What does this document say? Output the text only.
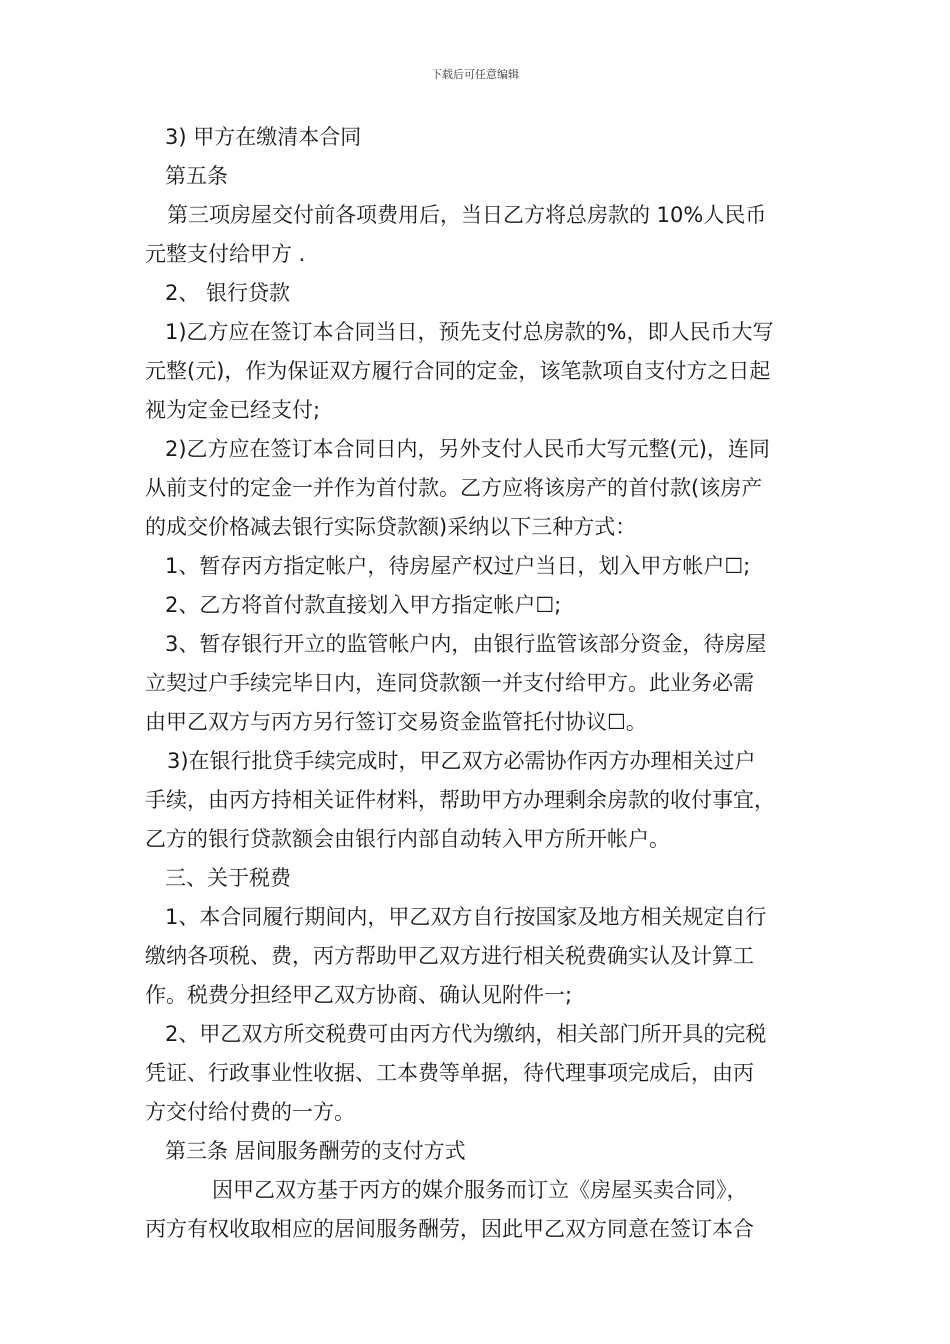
下载后可任意编辑
3) 甲方在缴清本合同
第五条
第三项房屋交付前各项费用后，当日乙方将总房款的 10%人民币
元整支付给甲方 .
2、 银行贷款
1)乙方应在签订本合同当日，预先支付总房款的%，即人民币大写
元整(元)，作为保证双方履行合同的定金，该笔款项自支付方之日起
视为定金已经支付;
2)乙方应在签订本合同日内，另外支付人民币大写元整(元)，连同
从前支付的定金一并作为首付款。乙方应将该房产的首付款(该房产
的成交价格减去银行实际贷款额)采纳以下三种方式：
1、暂存丙方指定帐户，待房屋产权过户当日，划入甲方帐户☐;
2、乙方将首付款直接划入甲方指定帐户☐;
3、暂存银行开立的监管帐户内，由银行监管该部分资金，待房屋
立契过户手续完毕日内，连同贷款额一并支付给甲方。此业务必需
由甲乙双方与丙方另行签订交易资金监管托付协议☐。
3)在银行批贷手续完成时，甲乙双方必需协作丙方办理相关过户
手续，由丙方持相关证件材料，帮助甲方办理剩余房款的收付事宜，
乙方的银行贷款额会由银行内部自动转入甲方所开帐户。
三、关于税费
1、本合同履行期间内，甲乙双方自行按国家及地方相关规定自行
缴纳各项税、费，丙方帮助甲乙双方进行相关税费确实认及计算工
作。税费分担经甲乙双方协商、确认见附件一;
2、甲乙双方所交税费可由丙方代为缴纳，相关部门所开具的完税
凭证、行政事业性收据、工本费等单据，待代理事项完成后，由丙
方交付给付费的一方。
第三条 居间服务酬劳的支付方式
因甲乙双方基于丙方的媒介服务而订立《房屋买卖合同》，
丙方有权收取相应的居间服务酬劳，因此甲乙双方同意在签订本合
